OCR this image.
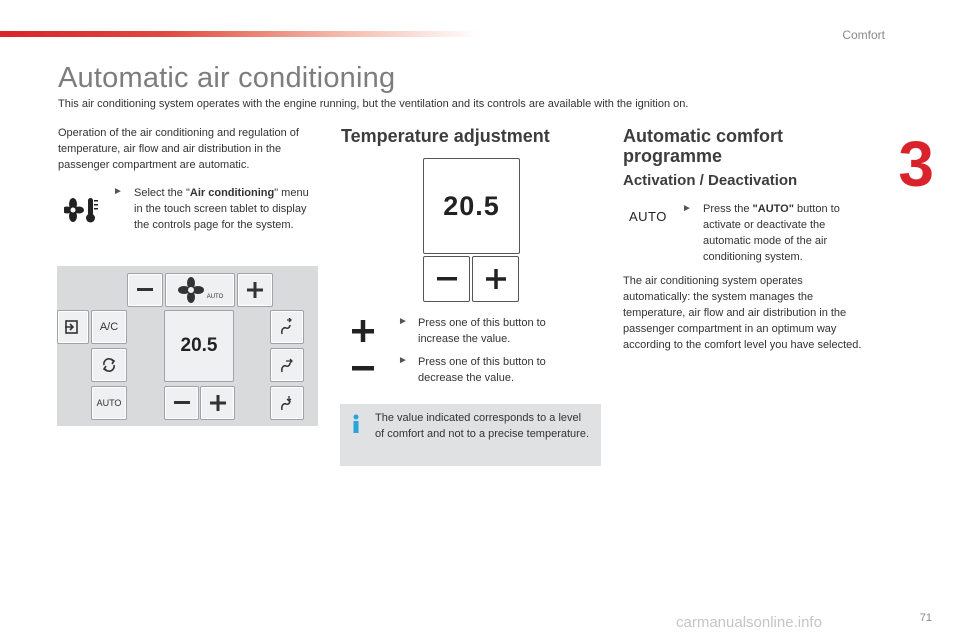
Comfort
3
Automatic air conditioning
This air conditioning system operates with the engine running, but the ventilation and its controls are available with the ignition on.
Operation of the air conditioning and regulation of temperature, air flow and air distribution in the passenger compartment are automatic.
► Select the "Air conditioning" menu in the touch screen tablet to display the controls page for the system.
AUTO
A/C
AUTO
20.5
Temperature adjustment
20.5
► Press one of this button to increase the value.
► Press one of this button to decrease the value.
The value indicated corresponds to a level of comfort and not to a precise temperature.
Automatic comfort
programme
Activation / Deactivation
AUTO
► Press the "AUTO" button to activate or deactivate the automatic mode of the air conditioning system.
The air conditioning system operates automatically: the system manages the temperature, air flow and air distribution in the passenger compartment in an optimum way according to the comfort level you have selected.
71
carmanualsonline.info
